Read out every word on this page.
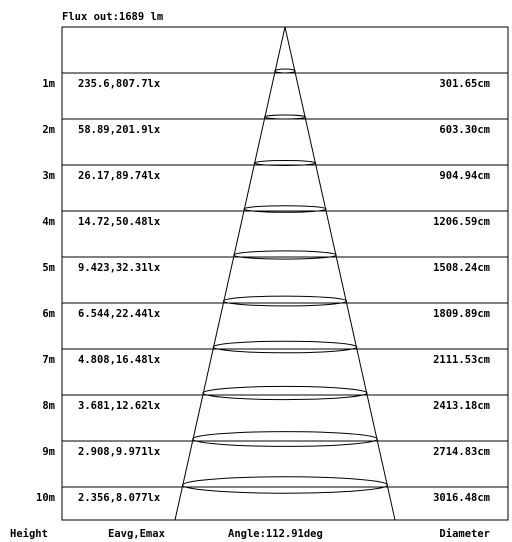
Flux out:1689 lm
1m 235.6,807.7lx	301.65cm
2m 58.89,201.9lx	603.30cm
3m 26.17,89.74lx	904.94cm
4m 14.72,50.48lx	1206.59cm
5m 9.423,32.31lx	1508.24cm
6m 6.544,22.44lx	1809.89cm
7m 4.808,16.48lx	2111.53cm
8m 3.681,12.62lx	2413.18cm
9m 2.908,9.971lx	2714.83cm
10m 2.356,8.077lx	3016.48cm
Height	Eavg,Emax	Angle:112.91deg	Diameter
